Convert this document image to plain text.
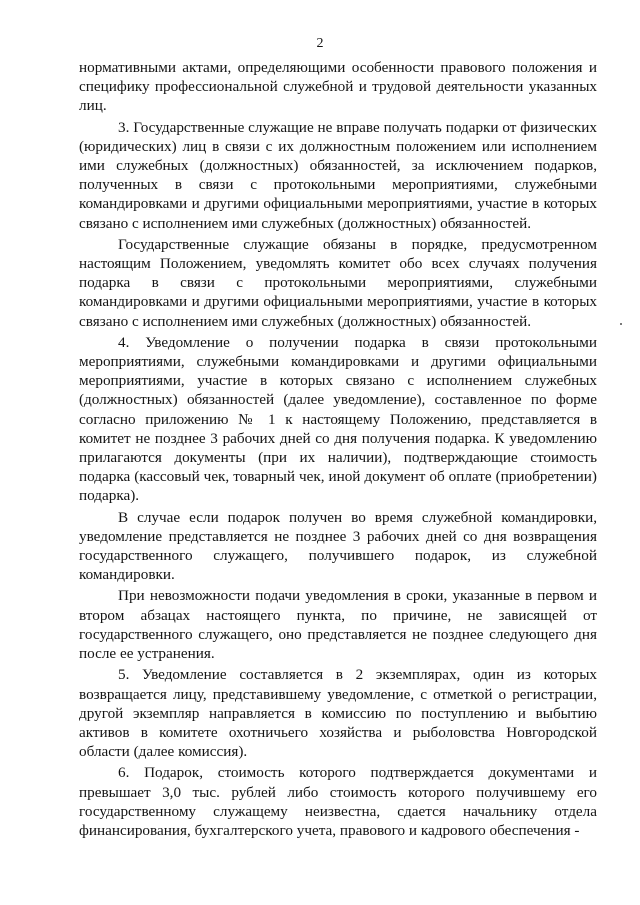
2

нормативными актами, определяющими особенности правового положения и специфику профессиональной служебной и трудовой деятельности указанных лиц.

3. Государственные служащие не вправе получать подарки от физических (юридических) лиц в связи с их должностным положением или исполнением ими служебных (должностных) обязанностей, за исключением подарков, полученных в связи с протокольными мероприятиями, служебными командировками и другими официальными мероприятиями, участие в которых связано с исполнением ими служебных (должностных) обязанностей.

Государственные служащие обязаны в порядке, предусмотренном настоящим Положением, уведомлять комитет обо всех случаях получения подарка в связи с протокольными мероприятиями, служебными командировками и другими официальными мероприятиями, участие в которых связано с исполнением ими служебных (должностных) обязанностей.

4. Уведомление о получении подарка в связи протокольными мероприятиями, служебными командировками и другими официальными мероприятиями, участие в которых связано с исполнением служебных (должностных) обязанностей (далее уведомление), составленное по форме согласно приложению № 1 к настоящему Положению, представляется в комитет не позднее 3 рабочих дней со дня получения подарка. К уведомлению прилагаются документы (при их наличии), подтверждающие стоимость подарка (кассовый чек, товарный чек, иной документ об оплате (приобретении) подарка).

В случае если подарок получен во время служебной командировки, уведомление представляется не позднее 3 рабочих дней со дня возвращения государственного служащего, получившего подарок, из служебной командировки.

При невозможности подачи уведомления в сроки, указанные в первом и втором абзацах настоящего пункта, по причине, не зависящей от государственного служащего, оно представляется не позднее следующего дня после ее устранения.

5. Уведомление составляется в 2 экземплярах, один из которых возвращается лицу, представившему уведомление, с отметкой о регистрации, другой экземпляр направляется в комиссию по поступлению и выбытию активов в комитете охотничьего хозяйства и рыболовства Новгородской области (далее комиссия).

6. Подарок, стоимость которого подтверждается документами и превышает 3,0 тыс. рублей либо стоимость которого получившему его государственному служащему неизвестна, сдается начальнику отдела финансирования, бухгалтерского учета, правового и кадрового обеспечения -
